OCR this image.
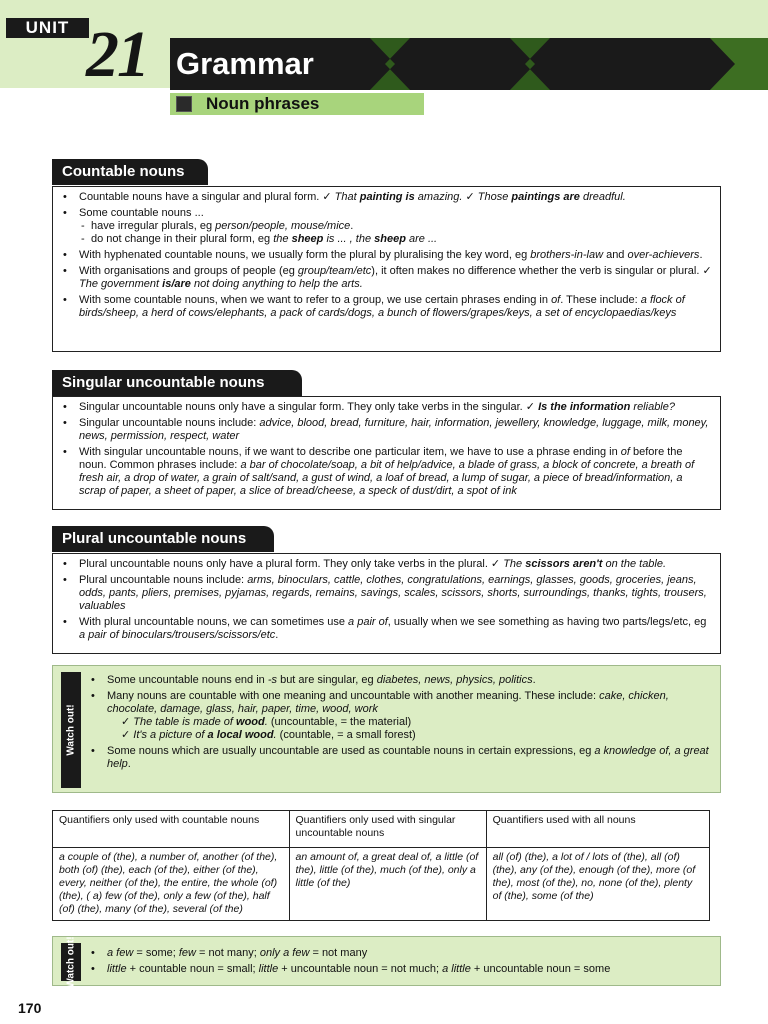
UNIT 21 Grammar
Noun phrases
Countable nouns
• Countable nouns have a singular and plural form. ✓ That painting is amazing. ✓ Those paintings are dreadful.
• Some countable nouns ...
- have irregular plurals, eg person/people, mouse/mice.
- do not change in their plural form, eg the sheep is ... , the sheep are ...
• With hyphenated countable nouns, we usually form the plural by pluralising the key word, eg brothers-in-law and over-achievers.
• With organisations and groups of people (eg group/team/etc), it often makes no difference whether the verb is singular or plural. ✓ The government is/are not doing anything to help the arts.
• With some countable nouns, when we want to refer to a group, we use certain phrases ending in of. These include: a flock of birds/sheep, a herd of cows/elephants, a pack of cards/dogs, a bunch of flowers/grapes/keys, a set of encyclopaedias/keys
Singular uncountable nouns
• Singular uncountable nouns only have a singular form. They only take verbs in the singular. ✓ Is the information reliable?
• Singular uncountable nouns include: advice, blood, bread, furniture, hair, information, jewellery, knowledge, luggage, milk, money, news, permission, respect, water
• With singular uncountable nouns, if we want to describe one particular item, we have to use a phrase ending in of before the noun. Common phrases include: a bar of chocolate/soap, a bit of help/advice, a blade of grass, a block of concrete, a breath of fresh air, a drop of water, a grain of salt/sand, a gust of wind, a loaf of bread, a lump of sugar, a piece of bread/information, a scrap of paper, a sheet of paper, a slice of bread/cheese, a speck of dust/dirt, a spot of ink
Plural uncountable nouns
• Plural uncountable nouns only have a plural form. They only take verbs in the plural. ✓ The scissors aren't on the table.
• Plural uncountable nouns include: arms, binoculars, cattle, clothes, congratulations, earnings, glasses, goods, groceries, jeans, odds, pants, pliers, premises, pyjamas, regards, remains, savings, scales, scissors, shorts, surroundings, thanks, tights, trousers, valuables
• With plural uncountable nouns, we can sometimes use a pair of, usually when we see something as having two parts/legs/etc, eg a pair of binoculars/trousers/scissors/etc.
Watch out!
• Some uncountable nouns end in -s but are singular, eg diabetes, news, physics, politics.
• Many nouns are countable with one meaning and uncountable with another meaning. These include: cake, chicken, chocolate, damage, glass, hair, paper, time, wood, work
✓ The table is made of wood. (uncountable, = the material)
✓ It's a picture of a local wood. (countable, = a small forest)
• Some nouns which are usually uncountable are used as countable nouns in certain expressions, eg a knowledge of, a great help.
Quantifiers only used with countable nouns	Quantifiers only used with singular uncountable nouns	Quantifiers used with all nouns
a couple of (the), a number of, another (of the), both (of) (the), each (of the), either (of the), every, neither (of the), the entire, the whole (of) (the), ( a) few (of the), only a few (of the), half (of) (the), many (of the), several (of the)	an amount of, a great deal of, a little (of the), little (of the), much (of the), only a little (of the)	all (of) (the), a lot of / lots of (the), all (of) (the), any (of the), enough (of the), more (of the), most (of the), no, none (of the), plenty of (the), some (of the)
Watch out!	• a few = some; few = not many; only a few = not many
• little + countable noun = small; little + uncountable noun = not much; a little + uncountable noun = some
170
